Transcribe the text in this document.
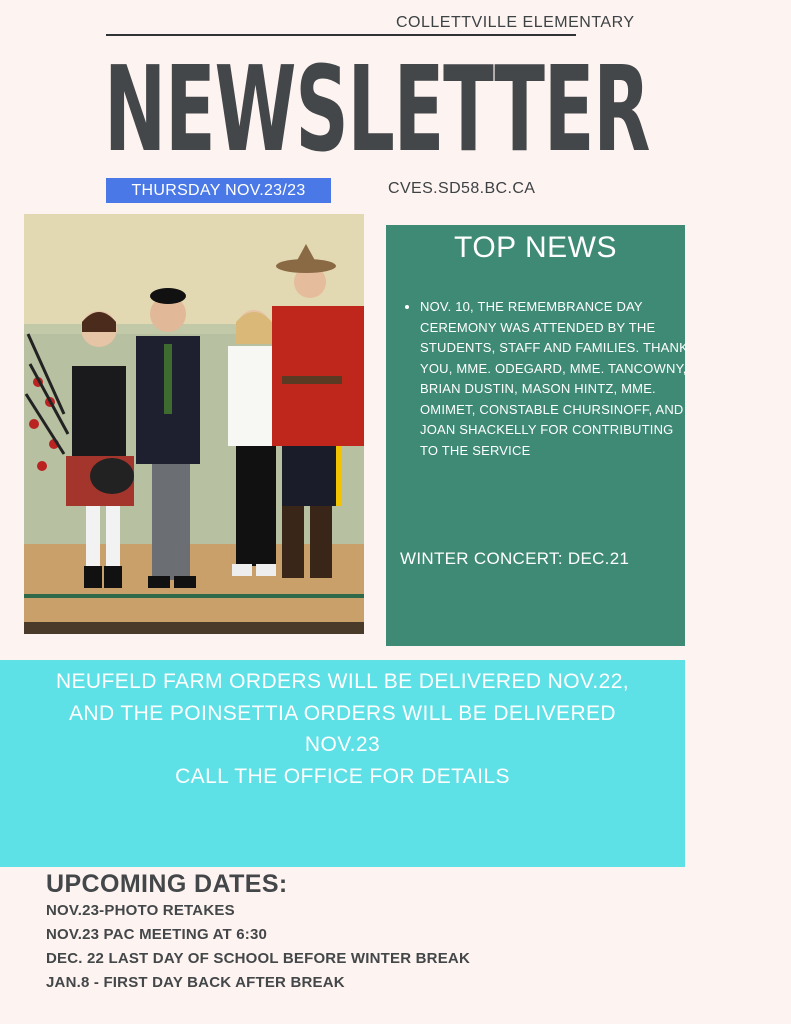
COLLETTVILLE ELEMENTARY
NEWSLETTER
THURSDAY NOV.23/23	CVES.SD58.BC.CA
TOP NEWS
• NOV. 10, THE REMEMBRANCE DAY CEREMONY WAS ATTENDED BY THE STUDENTS, STAFF AND FAMILIES. THANK YOU, MME. ODEGARD, MME. TANCOWNY, BRIAN DUSTIN, MASON HINTZ, MME. OMIMET, CONSTABLE CHURSINOFF, AND JOAN SHACKELLY FOR CONTRIBUTING TO THE SERVICE
WINTER CONCERT: DEC.21
NEUFELD FARM ORDERS WILL BE DELIVERED NOV.22,
AND THE POINSETTIA ORDERS WILL BE DELIVERED
NOV.23
CALL THE OFFICE FOR DETAILS
UPCOMING DATES:
NOV.23-PHOTO RETAKES
NOV.23 PAC MEETING AT 6:30
DEC. 22 LAST DAY OF SCHOOL BEFORE WINTER BREAK
JAN.8 - FIRST DAY BACK AFTER BREAK
